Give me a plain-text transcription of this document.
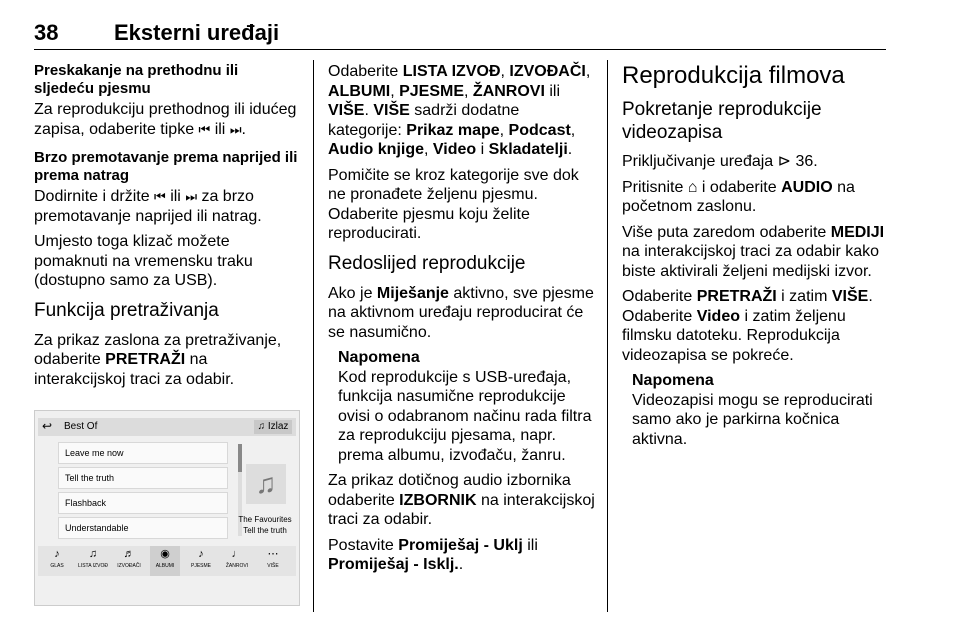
38	Eksterni uređaji
Preskakanje na prethodnu ili sljedeću pjesmu

Za reprodukciju prethodnog ili idućeg zapisa, odaberite tipke ⏮ ili ⏭.

Brzo premotavanje prema naprijed ili prema natrag

Dodirnite i držite ⏮ ili ⏭ za brzo premotavanje naprijed ili natrag.

Umjesto toga klizač možete pomaknuti na vremensku traku (dostupno samo za USB).

Funkcija pretraživanja

Za prikaz zaslona za pretraživanje, odaberite PRETRAŽI na interakcijskoj traci za odabir.

↩ Best Of	♫ Izlaz
Leave me now
Tell the truth
Flashback
Understandable
♫
The Favourites
Tell the truth
♪
GLAS
♫
LISTA IZVOĐ
♬
IZVOĐAČI
◉
ALBUMI
♪
PJESME
♩
ŽANROVI
⋯
VIŠE

Odaberite LISTA IZVOĐ, IZVOĐAČI, ALBUMI, PJESME, ŽANROVI ili VIŠE. VIŠE sadrži dodatne kategorije: Prikaz mape, Podcast, Audio knjige, Video i Skladatelji.

Pomičite se kroz kategorije sve dok ne pronađete željenu pjesmu. Odaberite pjesmu koju želite reproducirati.

Redoslijed reprodukcije

Ako je Miješanje aktivno, sve pjesme na aktivnom uređaju reproducirat će se nasumično.

Napomena

Kod reprodukcije s USB-uređaja, funkcija nasumične reprodukcije ovisi o odabranom načinu rada filtra za reprodukciju pjesama, napr. prema albumu, izvođaču, žanru.

Za prikaz dotičnog audio izbornika odaberite IZBORNIK na interakcijskoj traci za odabir.

Postavite Promiješaj - Uklj ili Promiješaj - Isklj..

Reprodukcija filmova
Pokretanje reprodukcije videozapisa

Priključivanje uređaja ⊳ 36.

Pritisnite ⌂ i odaberite AUDIO na početnom zaslonu.

Više puta zaredom odaberite MEDIJI na interakcijskoj traci za odabir kako biste aktivirali željeni medijski izvor.

Odaberite PRETRAŽI i zatim VIŠE. Odaberite Video i zatim željenu filmsku datoteku. Reprodukcija videozapisa se pokreće.

Napomena

Videozapisi mogu se reproducirati samo ako je parkirna kočnica aktivna.
